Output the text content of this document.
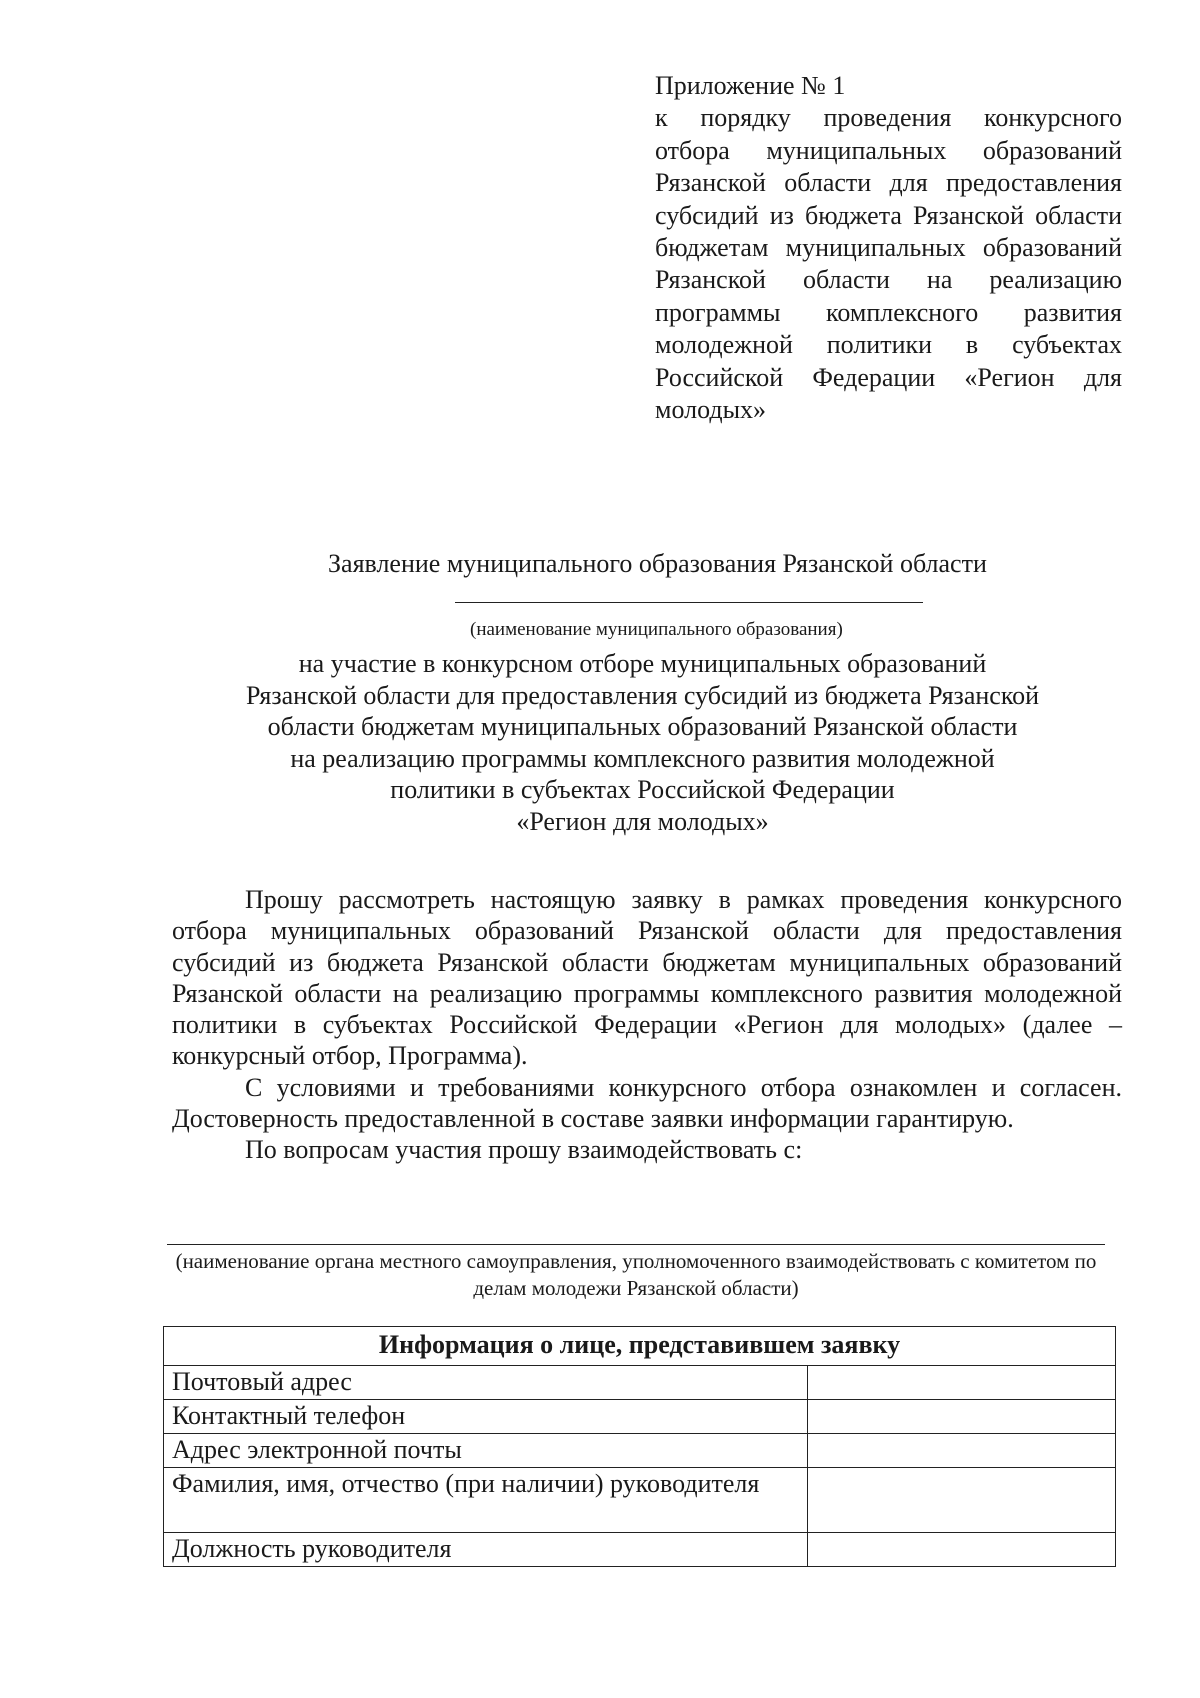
Приложение № 1

к порядку проведения конкурсного отбора муниципальных образований Рязанской области для предоставления субсидий из бюджета Рязанской области бюджетам муниципальных образований Рязанской области на реализацию программы комплексного развития молодежной политики в субъектах Российской Федерации «Регион для молодых»

Заявление муниципального образования Рязанской области
(наименование муниципального образования)
на участие в конкурсном отборе муниципальных образований
Рязанской области для предоставления субсидий из бюджета Рязанской
области бюджетам муниципальных образований Рязанской области
на реализацию программы комплексного развития молодежной
политики в субъектах Российской Федерации
«Регион для молодых»

Прошу рассмотреть настоящую заявку в рамках проведения конкурсного отбора муниципальных образований Рязанской области для предоставления субсидий из бюджета Рязанской области бюджетам муниципальных образований Рязанской области на реализацию программы комплексного развития молодежной политики в субъектах Российской Федерации «Регион для молодых» (далее – конкурсный отбор, Программа).

С условиями и требованиями конкурсного отбора ознакомлен и согласен. Достоверность предоставленной в составе заявки информации гарантирую.

По вопросам участия прошу взаимодействовать с:

(наименование органа местного самоуправления, уполномоченного взаимодействовать с комитетом по делам молодежи Рязанской области)

Информация о лице, представившем заявку	
Почтовый адрес	
Контактный телефон	
Адрес электронной почты	
Фамилия, имя, отчество (при наличии) руководителя	
Должность руководителя	
